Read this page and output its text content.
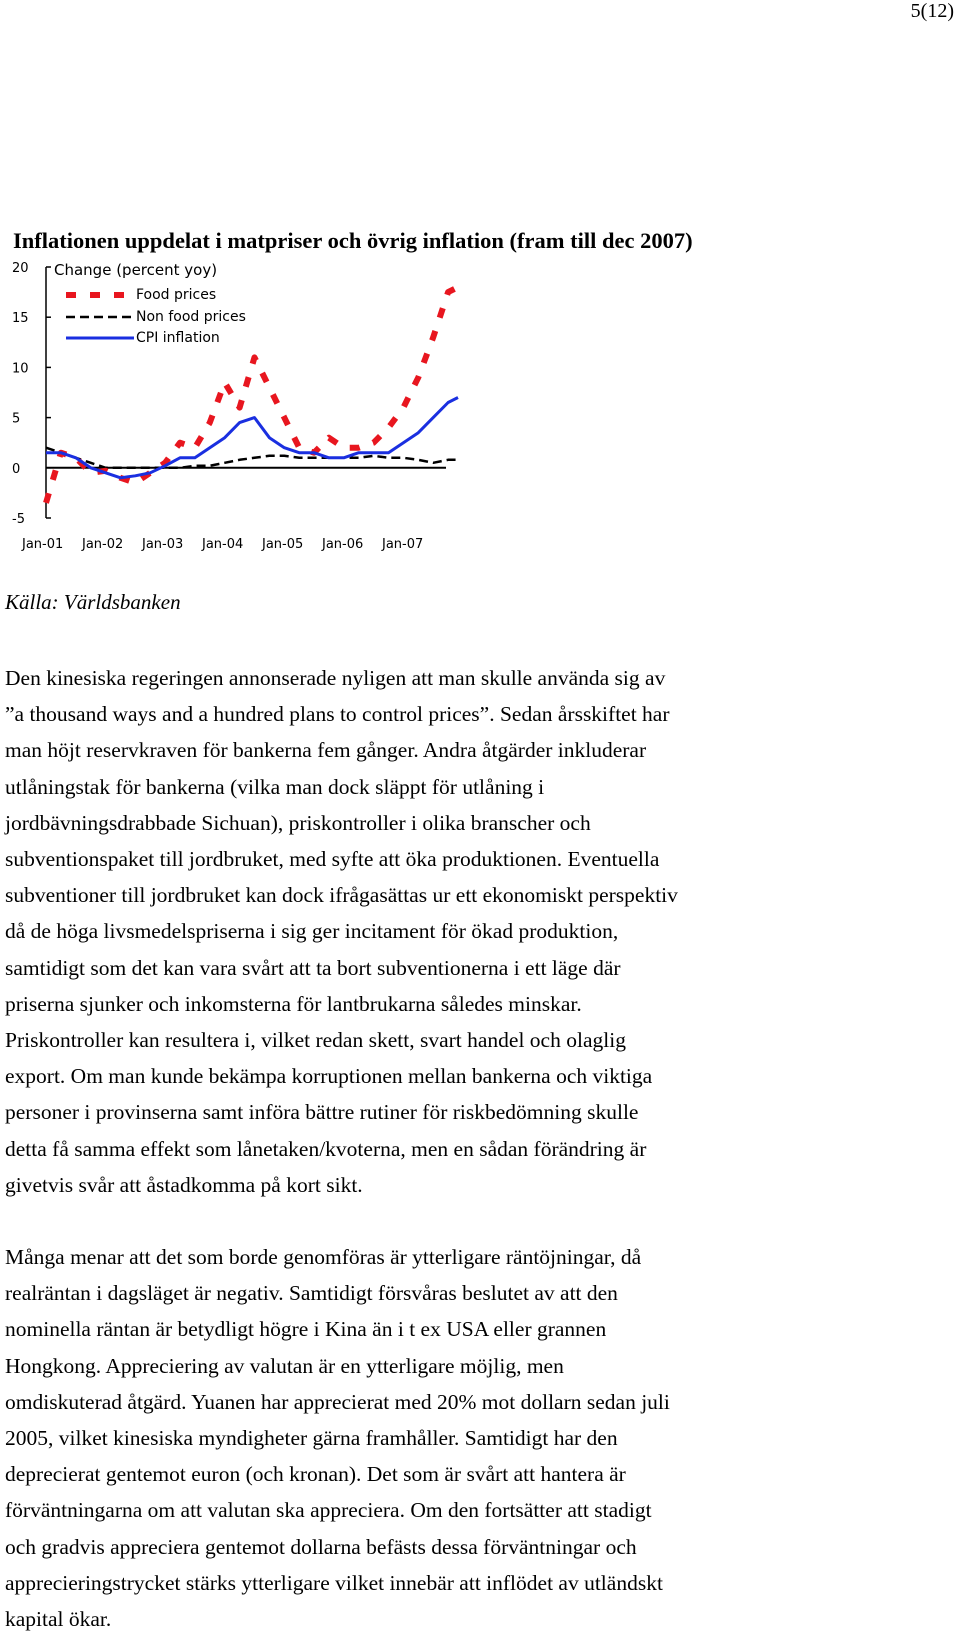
5(12)
Inflationen uppdelat i matpriser och övrig inflation (fram till dec 2007)
20
15
10
5
0
-5
Jan-01 Jan-02 Jan-03 Jan-04 Jan-05 Jan-06 Jan-07
Change (percent yoy)
Food prices
Non food prices
CPI inflation
Källa: Världsbanken
Den kinesiska regeringen annonserade nyligen att man skulle använda sig av
”a thousand ways and a hundred plans to control prices”. Sedan årsskiftet har
man höjt reservkraven för bankerna fem gånger. Andra åtgärder inkluderar
utlåningstak för bankerna (vilka man dock släppt för utlåning i
jordbävningsdrabbade Sichuan), priskontroller i olika branscher och
subventionspaket till jordbruket, med syfte att öka produktionen. Eventuella
subventioner till jordbruket kan dock ifrågasättas ur ett ekonomiskt perspektiv
då de höga livsmedelspriserna i sig ger incitament för ökad produktion,
samtidigt som det kan vara svårt att ta bort subventionerna i ett läge där
priserna sjunker och inkomsterna för lantbrukarna således minskar.
Priskontroller kan resultera i, vilket redan skett, svart handel och olaglig
export. Om man kunde bekämpa korruptionen mellan bankerna och viktiga
personer i provinserna samt införa bättre rutiner för riskbedömning skulle
detta få samma effekt som lånetaken/kvoterna, men en sådan förändring är
givetvis svår att åstadkomma på kort sikt.
Många menar att det som borde genomföras är ytterligare räntöjningar, då
realräntan i dagsläget är negativ. Samtidigt försvåras beslutet av att den
nominella räntan är betydligt högre i Kina än i t ex USA eller grannen
Hongkong. Appreciering av valutan är en ytterligare möjlig, men
omdiskuterad åtgärd. Yuanen har apprecierat med 20% mot dollarn sedan juli
2005, vilket kinesiska myndigheter gärna framhåller. Samtidigt har den
deprecierat gentemot euron (och kronan). Det som är svårt att hantera är
förväntningarna om att valutan ska appreciera. Om den fortsätter att stadigt
och gradvis appreciera gentemot dollarna befästs dessa förväntningar och
apprecieringstrycket stärks ytterligare vilket innebär att inflödet av utländskt
kapital ökar.
